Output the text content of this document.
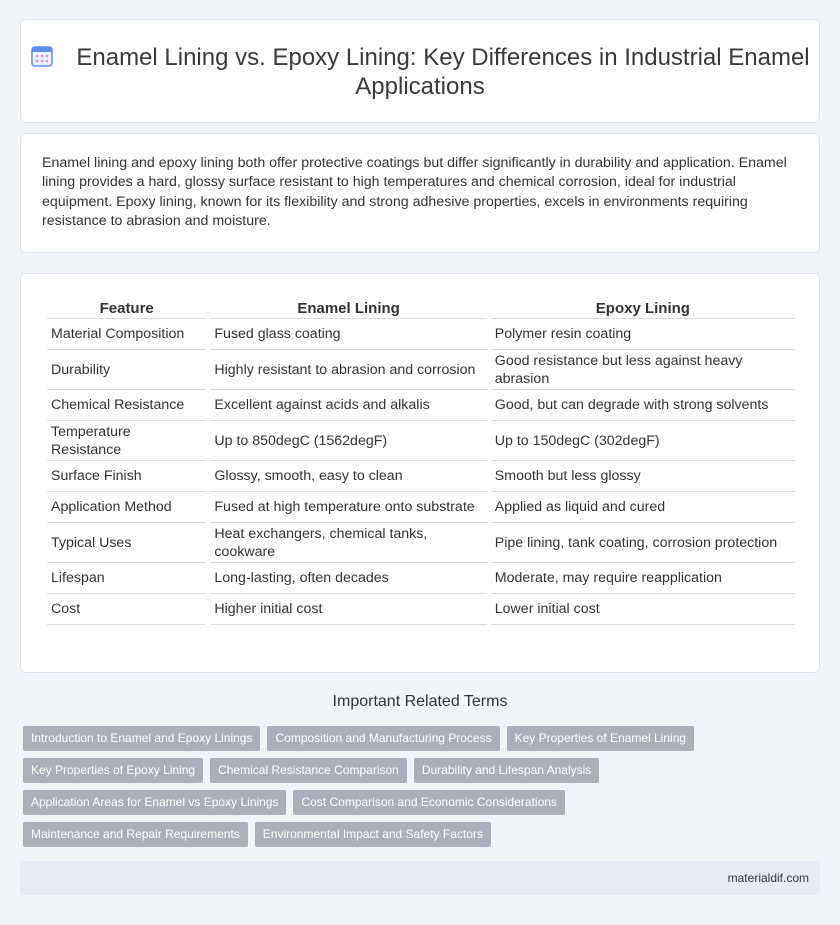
Enamel Lining vs. Epoxy Lining: Key Differences in Industrial Enamel Applications

Enamel lining and epoxy lining both offer protective coatings but differ significantly in durability and application. Enamel lining provides a hard, glossy surface resistant to high temperatures and chemical corrosion, ideal for industrial equipment. Epoxy lining, known for its flexibility and strong adhesive properties, excels in environments requiring resistance to abrasion and moisture.

Feature	Enamel Lining	Epoxy Lining
Material Composition	Fused glass coating	Polymer resin coating
Durability	Highly resistant to abrasion and corrosion	Good resistance but less against heavy abrasion
Chemical Resistance	Excellent against acids and alkalis	Good, but can degrade with strong solvents
Temperature Resistance	Up to 850degC (1562degF)	Up to 150degC (302degF)
Surface Finish	Glossy, smooth, easy to clean	Smooth but less glossy
Application Method	Fused at high temperature onto substrate	Applied as liquid and cured
Typical Uses	Heat exchangers, chemical tanks, cookware	Pipe lining, tank coating, corrosion protection
Lifespan	Long-lasting, often decades	Moderate, may require reapplication
Cost	Higher initial cost	Lower initial cost
Important Related Terms
Introduction to Enamel and Epoxy Linings	Composition and Manufacturing Process	Key Properties of Enamel Lining
Key Properties of Epoxy Lining	Chemical Resistance Comparison	Durability and Lifespan Analysis
Application Areas for Enamel vs Epoxy Linings	Cost Comparison and Economic Considerations
Maintenance and Repair Requirements	Environmental Impact and Safety Factors
materialdif.com
